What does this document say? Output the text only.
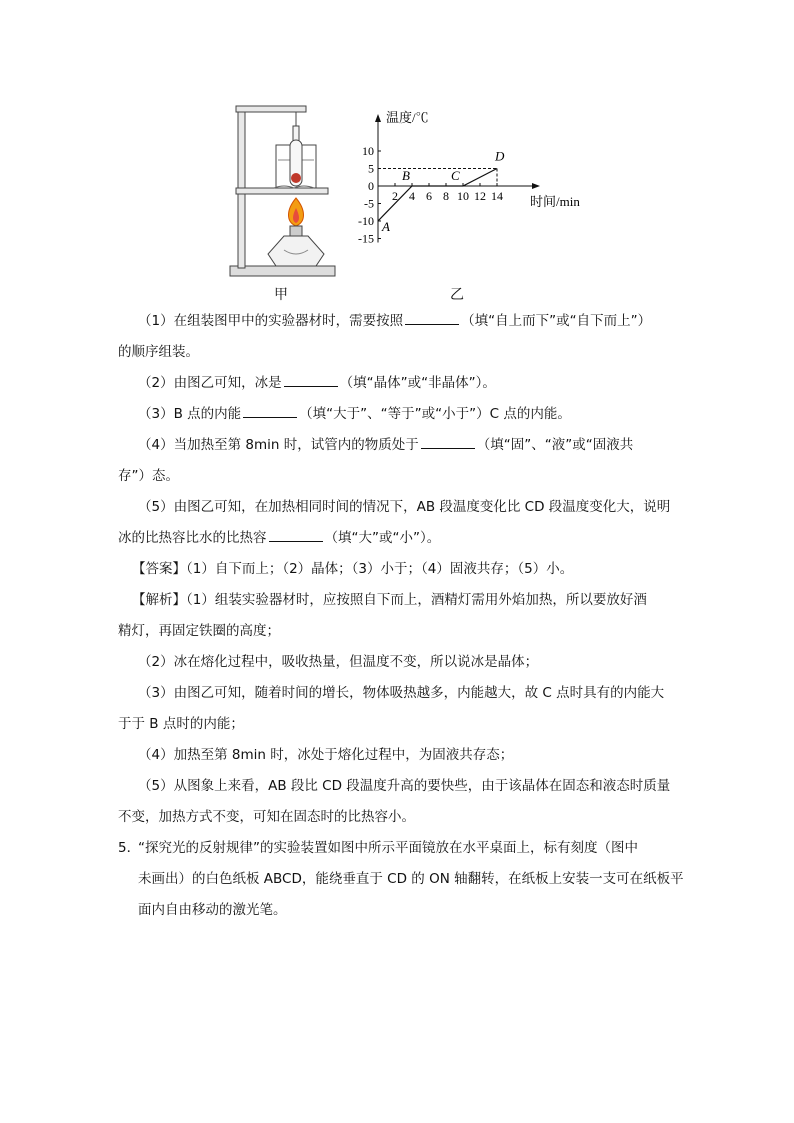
10
5
0
-5
-10
-15
2 4 6 8 10 12 14
A
B	C
D
温度/℃
时间/min
甲	乙
（1）在组装图甲中的实验器材时，需要按照	（填“自上而下”或“自下而上”）
的顺序组装。
（2）由图乙可知，冰是	（填“晶体”或“非晶体”）。
（3）B 点的内能	（填“大于”、“等于”或“小于”）C 点的内能。
（4）当加热至第 8min 时，试管内的物质处于	（填“固”、“液”或“固液共
存”）态。
（5）由图乙可知，在加热相同时间的情况下，AB 段温度变化比 CD 段温度变化大，说明
冰的比热容比水的比热容	（填“大”或“小”）。
【答案】（1）自下而上；（2）晶体；（3）小于；（4）固液共存；（5）小。
【解析】（1）组装实验器材时，应按照自下而上，酒精灯需用外焰加热，所以要放好酒
精灯，再固定铁圈的高度；
（2）冰在熔化过程中，吸收热量，但温度不变，所以说冰是晶体；
（3）由图乙可知，随着时间的增长，物体吸热越多，内能越大，故 C 点时具有的内能大
于于 B 点时的内能；
（4）加热至第 8min 时，冰处于熔化过程中，为固液共存态；
（5）从图象上来看，AB 段比 CD 段温度升高的要快些，由于该晶体在固态和液态时质量
不变，加热方式不变，可知在固态时的比热容小。
5．
“探究光的反射规律”的实验装置如图中所示平面镜放在水平桌面上，标有刻度（图中
未画出）的白色纸板 ABCD，能绕垂直于 CD 的 ON 轴翻转，在纸板上安装一支可在纸板平
面内自由移动的激光笔。
